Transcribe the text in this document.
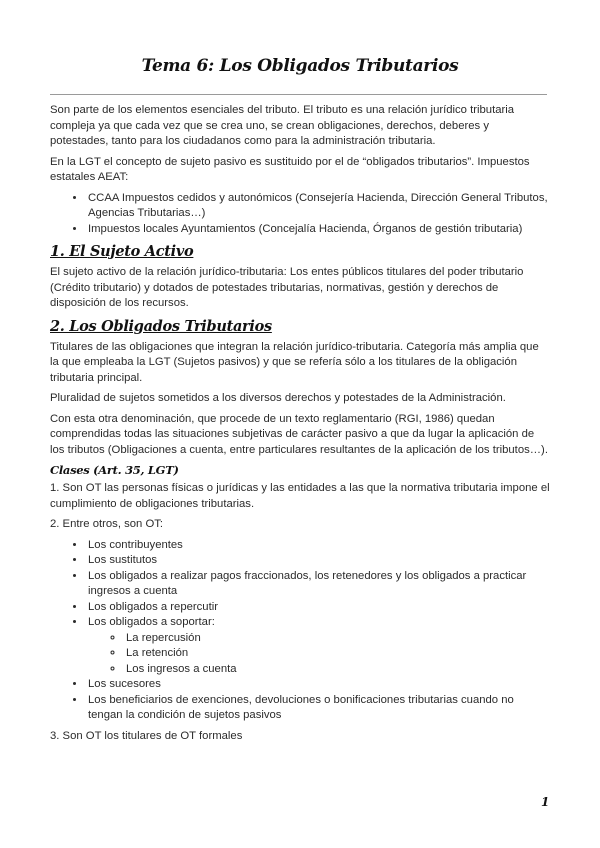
Tema 6: Los Obligados Tributarios

Son parte de los elementos esenciales del tributo. El tributo es una relación jurídico tributaria compleja ya que cada vez que se crea uno, se crean obligaciones, derechos, deberes y potestades, tanto para los ciudadanos como para la administración tributaria.

En la LGT el concepto de sujeto pasivo es sustituido por el de “obligados tributarios”. Impuestos estatales AEAT:

• CCAA Impuestos cedidos y autonómicos (Consejería Hacienda, Dirección General Tributos, Agencias Tributarias…)
• Impuestos locales Ayuntamientos (Concejalía Hacienda, Órganos de gestión tributaria)
1. El Sujeto Activo

El sujeto activo de la relación jurídico-tributaria: Los entes públicos titulares del poder tributario (Crédito tributario) y dotados de potestades tributarias, normativas, gestión y derechos de disposición de los recursos.

2. Los Obligados Tributarios

Titulares de las obligaciones que integran la relación jurídico-tributaria. Categoría más amplia que la que empleaba la LGT (Sujetos pasivos) y que se refería sólo a los titulares de la obligación tributaria principal.

Pluralidad de sujetos sometidos a los diversos derechos y potestades de la Administración.

Con esta otra denominación, que procede de un texto reglamentario (RGI, 1986) quedan comprendidas todas las situaciones subjetivas de carácter pasivo a que da lugar la aplicación de los tributos (Obligaciones a cuenta, entre particulares resultantes de la aplicación de los tributos…).

Clases (Art. 35, LGT)

1. Son OT las personas físicas o jurídicas y las entidades a las que la normativa tributaria impone el cumplimiento de obligaciones tributarias.

2. Entre otros, son OT:

• Los contribuyentes
• Los sustitutos
• Los obligados a realizar pagos fraccionados, los retenedores y los obligados a practicar ingresos a cuenta
• Los obligados a repercutir
• Los obligados a soportar:
◦ La repercusión
◦ La retención
◦ Los ingresos a cuenta
• Los sucesores
• Los beneficiarios de exenciones, devoluciones o bonificaciones tributarias cuando no tengan la condición de sujetos pasivos

3. Son OT los titulares de OT formales

1
